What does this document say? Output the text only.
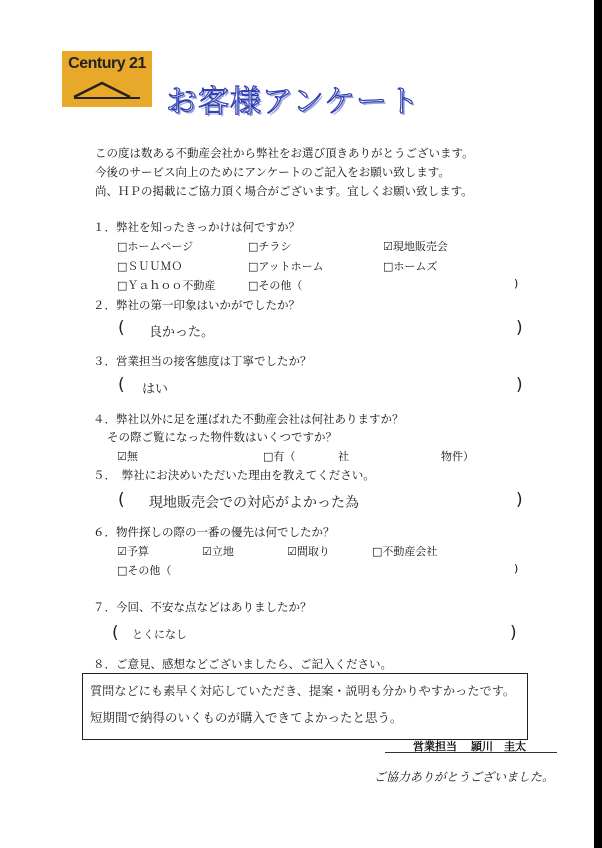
Century 21
お客様アンケート
この度は数ある不動産会社から弊社をお選び頂きありがとうございます。
今後のサービス向上のためにアンケートのご記入をお願い致します。
尚、ＨＰの掲載にご協力頂く場合がございます。宜しくお願い致します。
１．弊社を知ったきっかけは何ですか？
□ホームページ	□チラシ	☑現地販売会
□ＳＵＵＭＯ	□アットホーム	□ホームズ
□Ｙａｈｏｏ不動産	□その他（	)
２．弊社の第一印象はいかがでしたか？
( 良かった。	)
３．営業担当の接客態度は丁寧でしたか？
( はい	)
４．弊社以外に足を運ばれた不動産会社は何社ありますか？
その際ご覧になった物件数はいくつですか？
☑無	□有（	社	物件）
５．　弊社にお決めいただいた理由を教えてください。
( 現地販売会での対応がよかった為	)
６．物件探しの際の一番の優先は何でしたか？
☑予算	☑立地	☑間取り	□不動産会社
□その他（	)
７．今回、不安な点などはありましたか？
( とくになし	)
８．ご意見、感想などございましたら、ご記入ください。
質問などにも素早く対応していただき、提案・説明も分かりやすかったです。
短期間で納得のいくものが購入できてよかったと思う。
営業担当 頴川　圭太
ご協力ありがとうございました。
